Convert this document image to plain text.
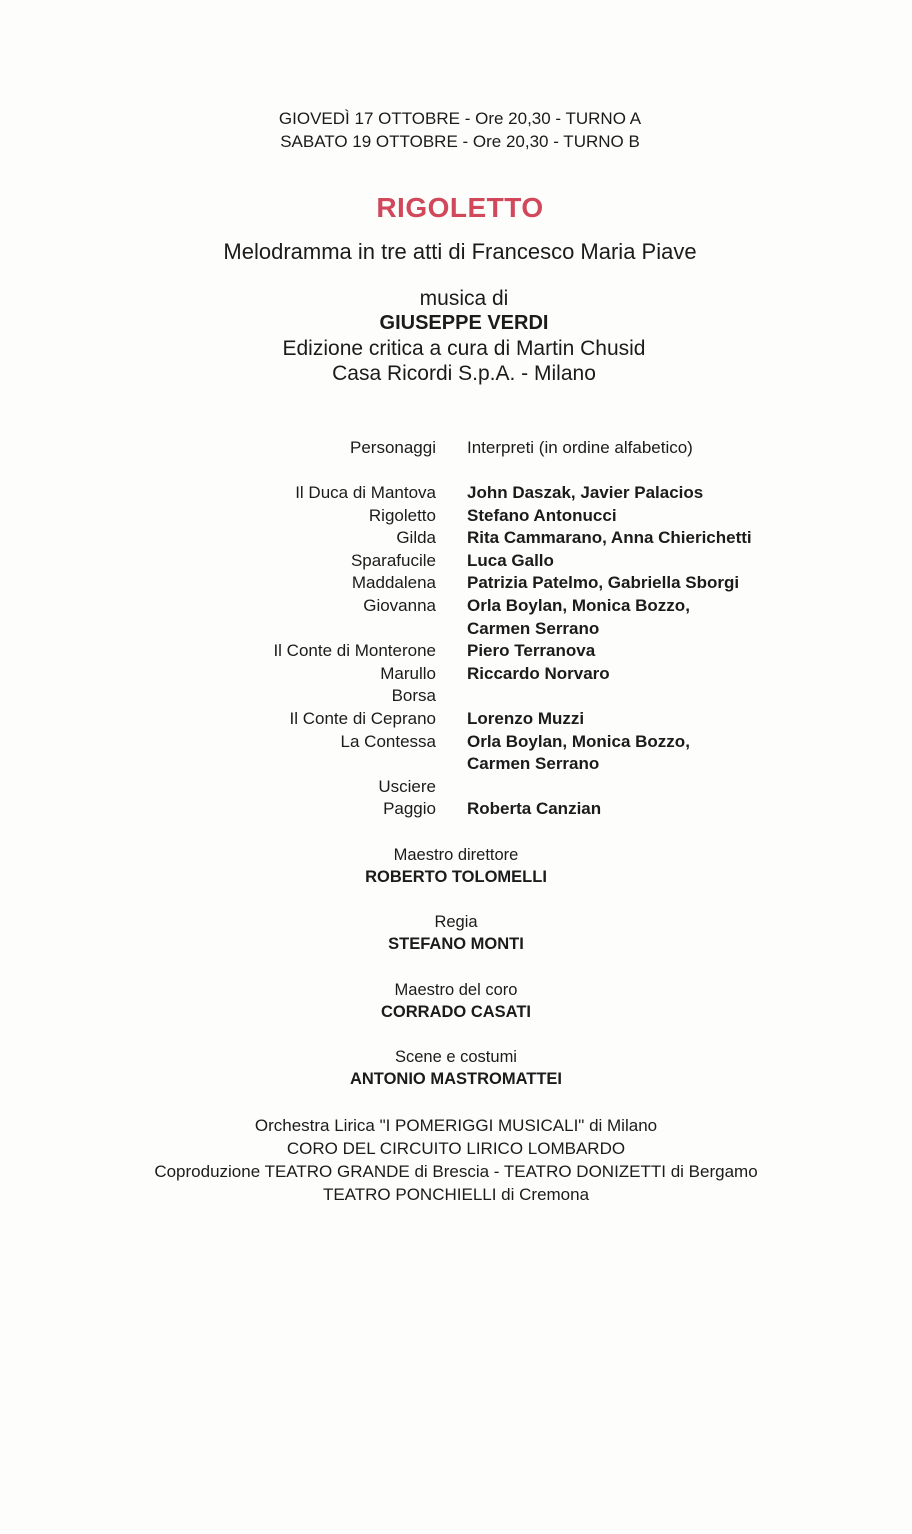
GIOVEDÌ 17 OTTOBRE - Ore 20,30 - TURNO A
SABATO 19 OTTOBRE - Ore 20,30 - TURNO B
RIGOLETTO
Melodramma in tre atti di Francesco Maria Piave
musica di
GIUSEPPE VERDI
Edizione critica a cura di Martin Chusid
Casa Ricordi S.p.A. - Milano
Personaggi Interpreti (in ordine alfabetico)
Il Duca di Mantova John Daszak, Javier Palacios
Rigoletto Stefano Antonucci
Gilda Rita Cammarano, Anna Chierichetti
Sparafucile Luca Gallo
Maddalena Patrizia Patelmo, Gabriella Sborgi
Giovanna Orla Boylan, Monica Bozzo,
Carmen Serrano
Il Conte di Monterone Piero Terranova
Marullo Riccardo Norvaro
Borsa
Il Conte di Ceprano Lorenzo Muzzi
La Contessa Orla Boylan, Monica Bozzo,
Carmen Serrano
Usciere
Paggio Roberta Canzian
Maestro direttore
ROBERTO TOLOMELLI
Regia
STEFANO MONTI
Maestro del coro
CORRADO CASATI
Scene e costumi
ANTONIO MASTROMATTEI
Orchestra Lirica "I POMERIGGI MUSICALI" di Milano
CORO DEL CIRCUITO LIRICO LOMBARDO
Coproduzione TEATRO GRANDE di Brescia - TEATRO DONIZETTI di Bergamo
TEATRO PONCHIELLI di Cremona
